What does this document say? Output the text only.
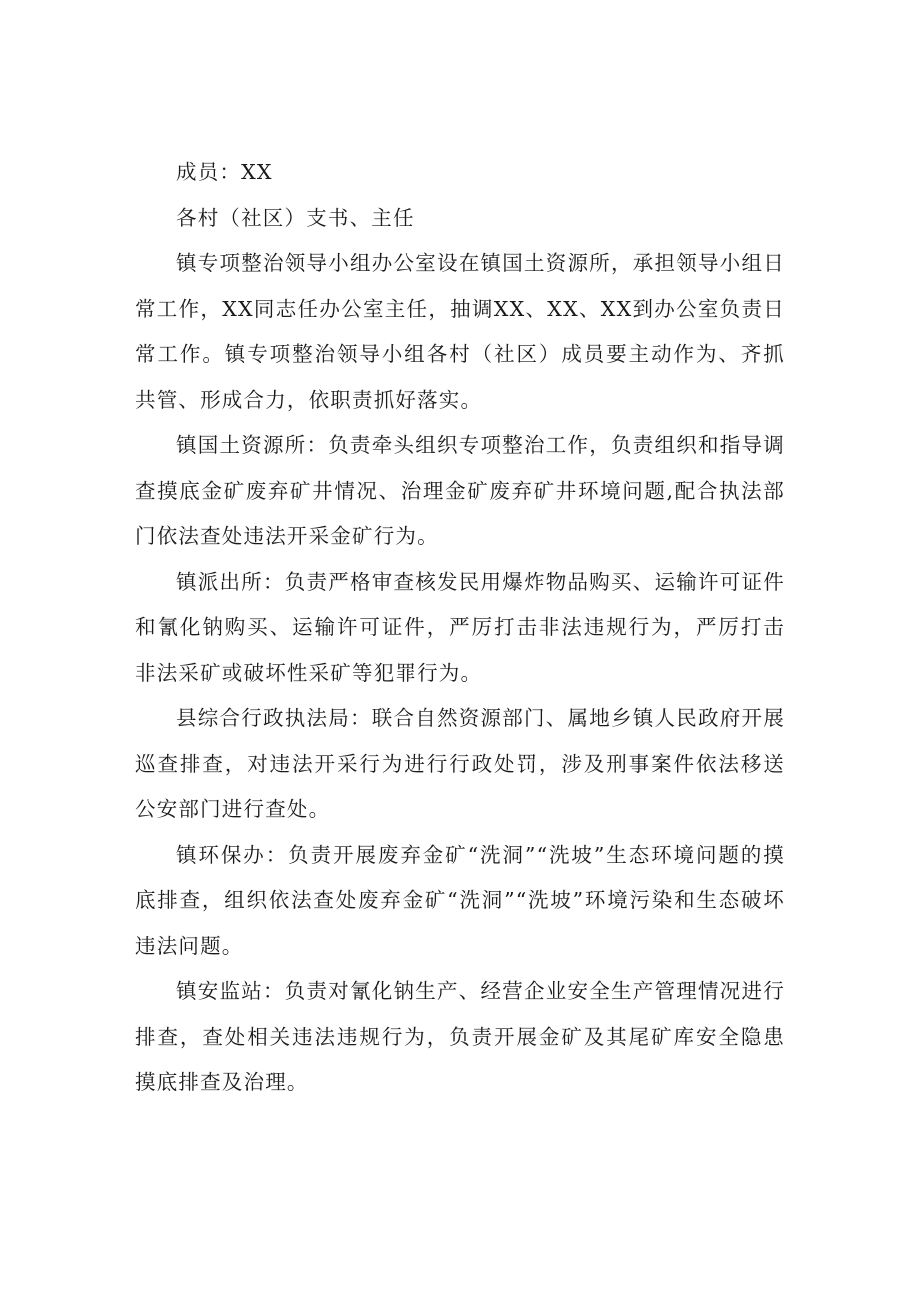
成员：XX

各村（社区）支书、主任

镇专项整治领导小组办公室设在镇国土资源所，承担领导小组日常工作，XX同志任办公室主任，抽调XX、XX、XX到办公室负责日常工作。镇专项整治领导小组各村（社区）成员要主动作为、齐抓共管、形成合力，依职责抓好落实。

镇国土资源所：负责牵头组织专项整治工作，负责组织和指导调查摸底金矿废弃矿井情况、治理金矿废弃矿井环境问题,配合执法部门依法查处违法开采金矿行为。

镇派出所：负责严格审查核发民用爆炸物品购买、运输许可证件和氰化钠购买、运输许可证件，严厉打击非法违规行为，严厉打击非法采矿或破坏性采矿等犯罪行为。

县综合行政执法局：联合自然资源部门、属地乡镇人民政府开展巡查排查，对违法开采行为进行行政处罚，涉及刑事案件依法移送公安部门进行查处。

镇环保办：负责开展废弃金矿“洗洞”“洗坡”生态环境问题的摸底排查，组织依法查处废弃金矿“洗洞”“洗坡”环境污染和生态破坏违法问题。

镇安监站：负责对氰化钠生产、经营企业安全生产管理情况进行排查，查处相关违法违规行为，负责开展金矿及其尾矿库安全隐患摸底排查及治理。
